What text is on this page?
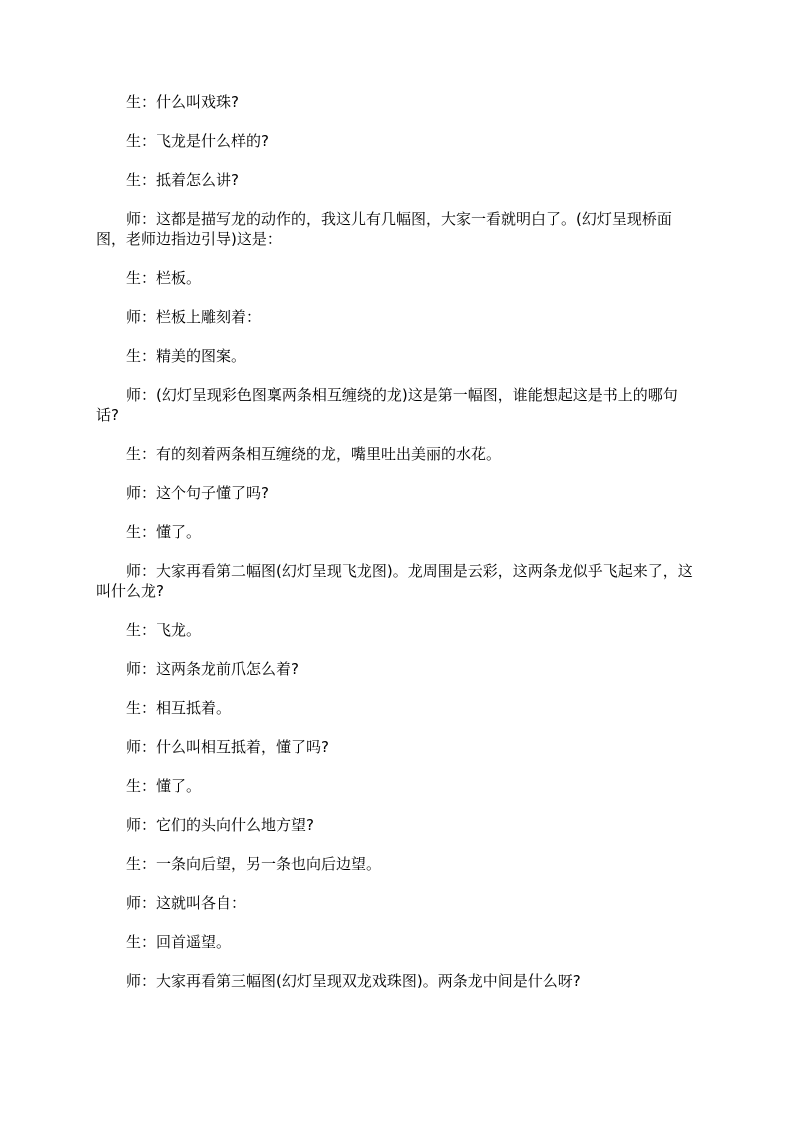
生：什么叫戏珠?

生：飞龙是什么样的?

生：抵着怎么讲?

师：这都是描写龙的动作的，我这儿有几幅图，大家一看就明白了。(幻灯呈现桥面图，老师边指边引导)这是：

生：栏板。

师：栏板上雕刻着：

生：精美的图案。

师：(幻灯呈现彩色图稟两条相互缠绕的龙)这是第一幅图，谁能想起这是书上的哪句话?

生：有的刻着两条相互缠绕的龙，嘴里吐出美丽的水花。

师：这个句子懂了吗?

生：懂了。

师：大家再看第二幅图(幻灯呈现飞龙图)。龙周围是云彩，这两条龙似乎飞起来了，这叫什么龙?

生：飞龙。

师：这两条龙前爪怎么着?

生：相互抵着。

师：什么叫相互抵着，懂了吗?

生：懂了。

师：它们的头向什么地方望?

生：一条向后望，另一条也向后边望。

师：这就叫各自：

生：回首遥望。

师：大家再看第三幅图(幻灯呈现双龙戏珠图)。两条龙中间是什么呀?
